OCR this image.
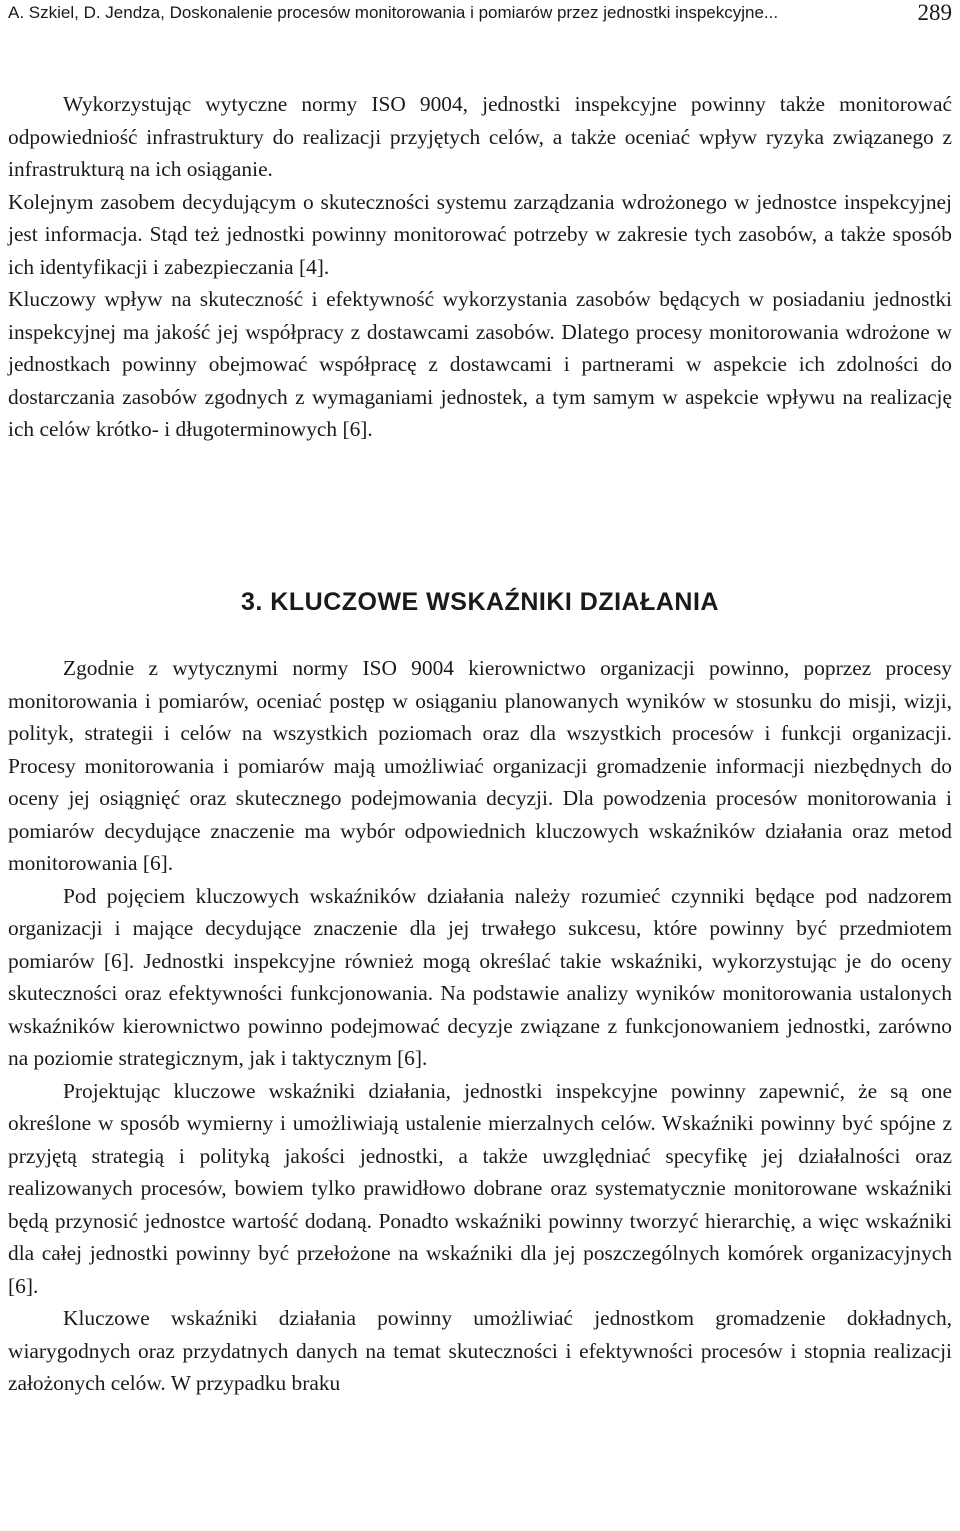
A. Szkiel, D. Jendza, Doskonalenie procesów monitorowania i pomiarów przez jednostki inspekcyjne...	289

Wykorzystując wytyczne normy ISO 9004, jednostki inspekcyjne powinny także monitorować odpowiedniość infrastruktury do realizacji przyjętych celów, a także oceniać wpływ ryzyka związanego z infrastrukturą na ich osiąganie.

Kolejnym zasobem decydującym o skuteczności systemu zarządzania wdrożonego w jednostce inspekcyjnej jest informacja. Stąd też jednostki powinny monitorować potrzeby w zakresie tych zasobów, a także sposób ich identyfikacji i zabezpieczania [4].

Kluczowy wpływ na skuteczność i efektywność wykorzystania zasobów będących w posiadaniu jednostki inspekcyjnej ma jakość jej współpracy z dostawcami zasobów. Dlatego procesy monitorowania wdrożone w jednostkach powinny obejmować współpracę z dostawcami i partnerami w aspekcie ich zdolności do dostarczania zasobów zgodnych z wymaganiami jednostek, a tym samym w aspekcie wpływu na realizację ich celów krótko- i długoterminowych [6].

3. KLUCZOWE WSKAŹNIKI DZIAŁANIA

Zgodnie z wytycznymi normy ISO 9004 kierownictwo organizacji powinno, poprzez procesy monitorowania i pomiarów, oceniać postęp w osiąganiu planowanych wyników w stosunku do misji, wizji, polityk, strategii i celów na wszystkich poziomach oraz dla wszystkich procesów i funkcji organizacji. Procesy monitorowania i pomiarów mają umożliwiać organizacji gromadzenie informacji niezbędnych do oceny jej osiągnięć oraz skutecznego podejmowania decyzji. Dla powodzenia procesów monitorowania i pomiarów decydujące znaczenie ma wybór odpowiednich kluczowych wskaźników działania oraz metod monitorowania [6].

Pod pojęciem kluczowych wskaźników działania należy rozumieć czynniki będące pod nadzorem organizacji i mające decydujące znaczenie dla jej trwałego sukcesu, które powinny być przedmiotem pomiarów [6]. Jednostki inspekcyjne również mogą określać takie wskaźniki, wykorzystując je do oceny skuteczności oraz efektywności funkcjonowania. Na podstawie analizy wyników monitorowania ustalonych wskaźników kierownictwo powinno podejmować decyzje związane z funkcjonowaniem jednostki, zarówno na poziomie strategicznym, jak i taktycznym [6].

Projektując kluczowe wskaźniki działania, jednostki inspekcyjne powinny zapewnić, że są one określone w sposób wymierny i umożliwiają ustalenie mierzalnych celów. Wskaźniki powinny być spójne z przyjętą strategią i polityką jakości jednostki, a także uwzględniać specyfikę jej działalności oraz realizowanych procesów, bowiem tylko prawidłowo dobrane oraz systematycznie monitorowane wskaźniki będą przynosić jednostce wartość dodaną. Ponadto wskaźniki powinny tworzyć hierarchię, a więc wskaźniki dla całej jednostki powinny być przełożone na wskaźniki dla jej poszczególnych komórek organizacyjnych [6].

Kluczowe wskaźniki działania powinny umożliwiać jednostkom gromadzenie dokładnych, wiarygodnych oraz przydatnych danych na temat skuteczności i efektywności procesów i stopnia realizacji założonych celów. W przypadku braku
